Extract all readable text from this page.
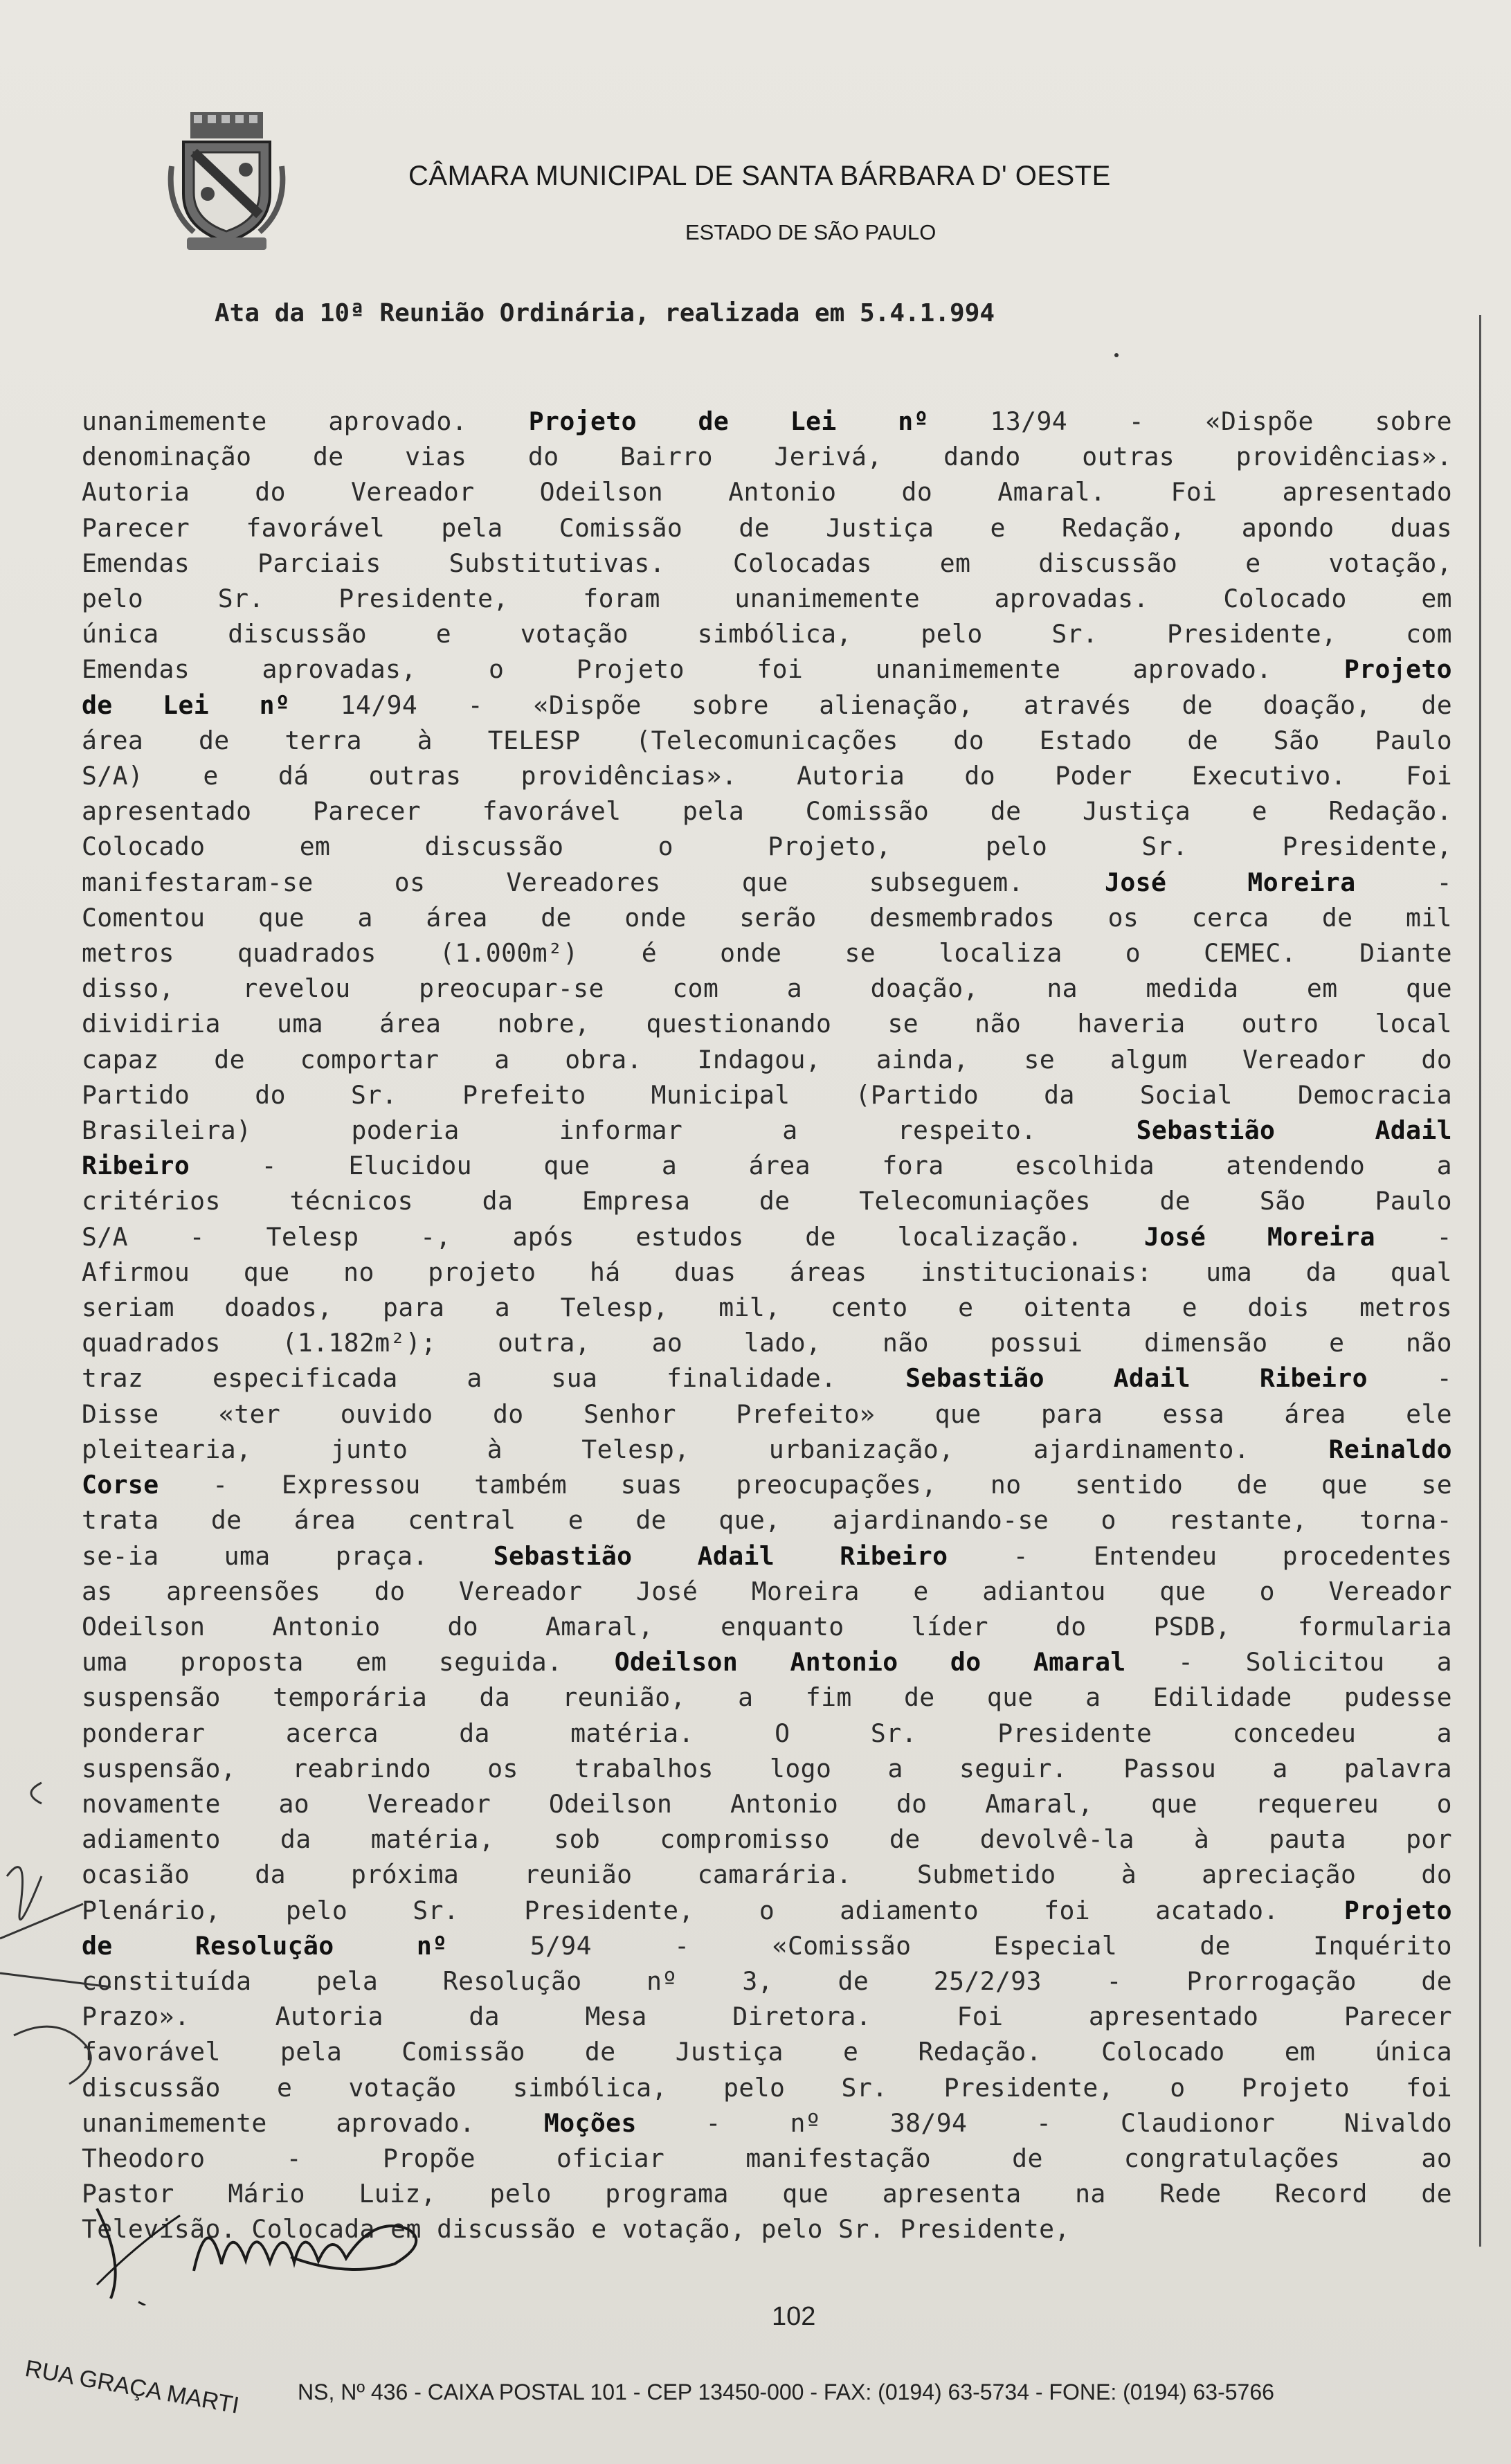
CÂMARA MUNICIPAL DE SANTA BÁRBARA D' OESTE
ESTADO DE SÃO PAULO
Ata da 10ª Reunião Ordinária, realizada em 5.4.1.994
unanimemente aprovado. Projeto de Lei nº 13/94 - «Dispõe sobre
denominação de vias do Bairro Jerivá, dando outras providências».
Autoria do Vereador Odeilson Antonio do Amaral. Foi apresentado
Parecer favorável pela Comissão de Justiça e Redação, apondo duas
Emendas Parciais Substitutivas. Colocadas em discussão e votação,
pelo Sr. Presidente, foram unanimemente aprovadas. Colocado em
única discussão e votação simbólica, pelo Sr. Presidente, com
Emendas aprovadas, o Projeto foi unanimemente aprovado. Projeto
de Lei nº 14/94 - «Dispõe sobre alienação, através de doação, de
área de terra à TELESP (Telecomunicações do Estado de São Paulo
S/A) e dá outras providências». Autoria do Poder Executivo. Foi
apresentado Parecer favorável pela Comissão de Justiça e Redação.
Colocado em discussão o Projeto, pelo Sr. Presidente,
manifestaram-se os Vereadores que subseguem. José Moreira -
Comentou que a área de onde serão desmembrados os cerca de mil
metros quadrados (1.000m²) é onde se localiza o CEMEC. Diante
disso, revelou preocupar-se com a doação, na medida em que
dividiria uma área nobre, questionando se não haveria outro local
capaz de comportar a obra. Indagou, ainda, se algum Vereador do
Partido do Sr. Prefeito Municipal (Partido da Social Democracia
Brasileira) poderia informar a respeito. Sebastião Adail
Ribeiro - Elucidou que a área fora escolhida atendendo a
critérios técnicos da Empresa de Telecomuniações de São Paulo
S/A - Telesp -, após estudos de localização. José Moreira -
Afirmou que no projeto há duas áreas institucionais: uma da qual
seriam doados, para a Telesp, mil, cento e oitenta e dois metros
quadrados (1.182m²); outra, ao lado, não possui dimensão e não
traz especificada a sua finalidade. Sebastião Adail Ribeiro -
Disse «ter ouvido do Senhor Prefeito» que para essa área ele
pleitearia, junto à Telesp, urbanização, ajardinamento. Reinaldo
Corse - Expressou também suas preocupações, no sentido de que se
trata de área central e de que, ajardinando-se o restante, torna-
se-ia uma praça. Sebastião Adail Ribeiro - Entendeu procedentes
as apreensões do Vereador José Moreira e adiantou que o Vereador
Odeilson Antonio do Amaral, enquanto líder do PSDB, formularia
uma proposta em seguida. Odeilson Antonio do Amaral - Solicitou a
suspensão temporária da reunião, a fim de que a Edilidade pudesse
ponderar acerca da matéria. O Sr. Presidente concedeu a
suspensão, reabrindo os trabalhos logo a seguir. Passou a palavra
novamente ao Vereador Odeilson Antonio do Amaral, que requereu o
adiamento da matéria, sob compromisso de devolvê-la à pauta por
ocasião da próxima reunião camarária. Submetido à apreciação do
Plenário, pelo Sr. Presidente, o adiamento foi acatado. Projeto
de Resolução nº 5/94 - «Comissão Especial de Inquérito
constituída pela Resolução nº 3, de 25/2/93 - Prorrogação de
Prazo». Autoria da Mesa Diretora. Foi apresentado Parecer
favorável pela Comissão de Justiça e Redação. Colocado em única
discussão e votação simbólica, pelo Sr. Presidente, o Projeto foi
unanimemente aprovado. Moções - nº 38/94 - Claudionor Nivaldo
Theodoro - Propõe oficiar manifestação de congratulações ao
Pastor Mário Luiz, pelo programa que apresenta na Rede Record de
Televisão. Colocada em discussão e votação, pelo Sr. Presidente,
102
RUA GRAÇA MARTI	NS, Nº 436 - CAIXA POSTAL 101 - CEP 13450-000 - FAX: (0194) 63-5734 - FONE: (0194) 63-5766
